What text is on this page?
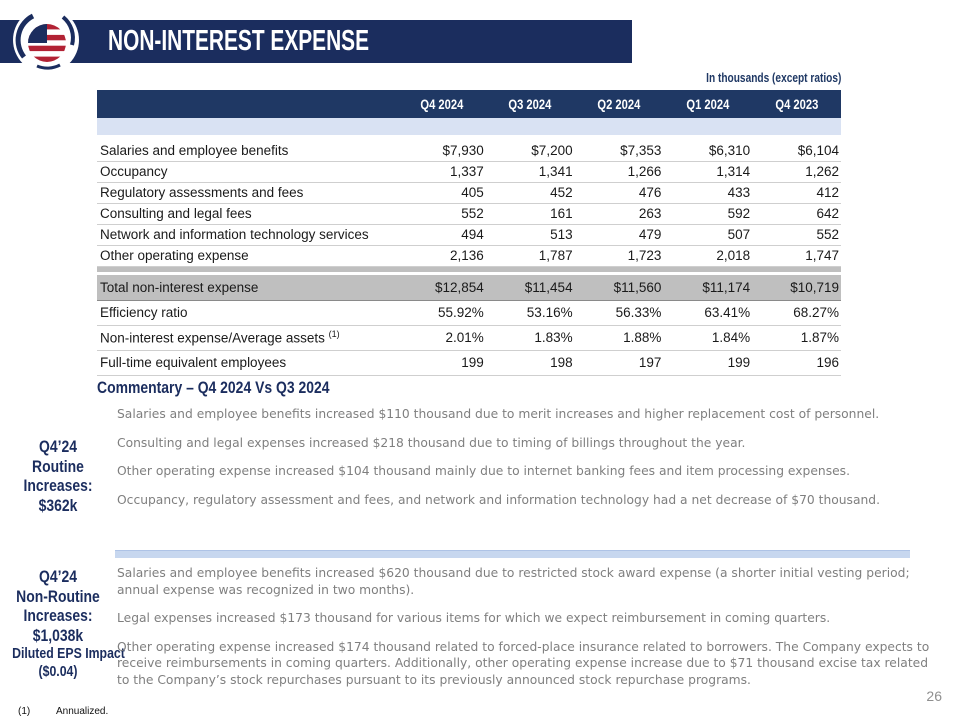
NON-INTEREST EXPENSE
In thousands (except ratios)
	Q4 2024	Q3 2024	Q2 2024	Q1 2024	Q4 2023

Salaries and employee benefits	$7,930	$7,200	$7,353	$6,310	$6,104
Occupancy	1,337	1,341	1,266	1,314	1,262
Regulatory assessments and fees	405	452	476	433	412
Consulting and legal fees	552	161	263	592	642
Network and information technology services	494	513	479	507	552
Other operating expense	2,136	1,787	1,723	2,018	1,747

Total non-interest expense	$12,854	$11,454	$11,560	$11,174	$10,719
Efficiency ratio	55.92%	53.16%	56.33%	63.41%	68.27%
Non-interest expense/Average assets $^{(1)}$	2.01%	1.83%	1.88%	1.84%	1.87%
Full-time equivalent employees	199	198	197	199	196
Commentary – Q4 2024 Vs Q3 2024
Q4’24
Routine
Increases:
$362k

Salaries and employee benefits increased $110 thousand due to merit increases and higher replacement cost of personnel.

Consulting and legal expenses increased $218 thousand due to timing of billings throughout the year.

Other operating expense increased $104 thousand mainly due to internet banking fees and item processing expenses.

Occupancy, regulatory assessment and fees, and network and information technology had a net decrease of $70 thousand.

Q4’24
Non-Routine
Increases:
$1,038k
Diluted EPS Impact
($0.04)

Salaries and employee benefits increased $620 thousand due to restricted stock award expense (a shorter initial vesting period; annual expense was recognized in two months).

Legal expenses increased $173 thousand for various items for which we expect reimbursement in coming quarters.

Other operating expense increased $174 thousand related to forced-place insurance related to borrowers. The Company expects to receive reimbursements in coming quarters. Additionally, other operating expense increase due to $71 thousand excise tax related to the Company’s stock repurchases pursuant to its previously announced stock repurchase programs.

(1)	Annualized.
26
